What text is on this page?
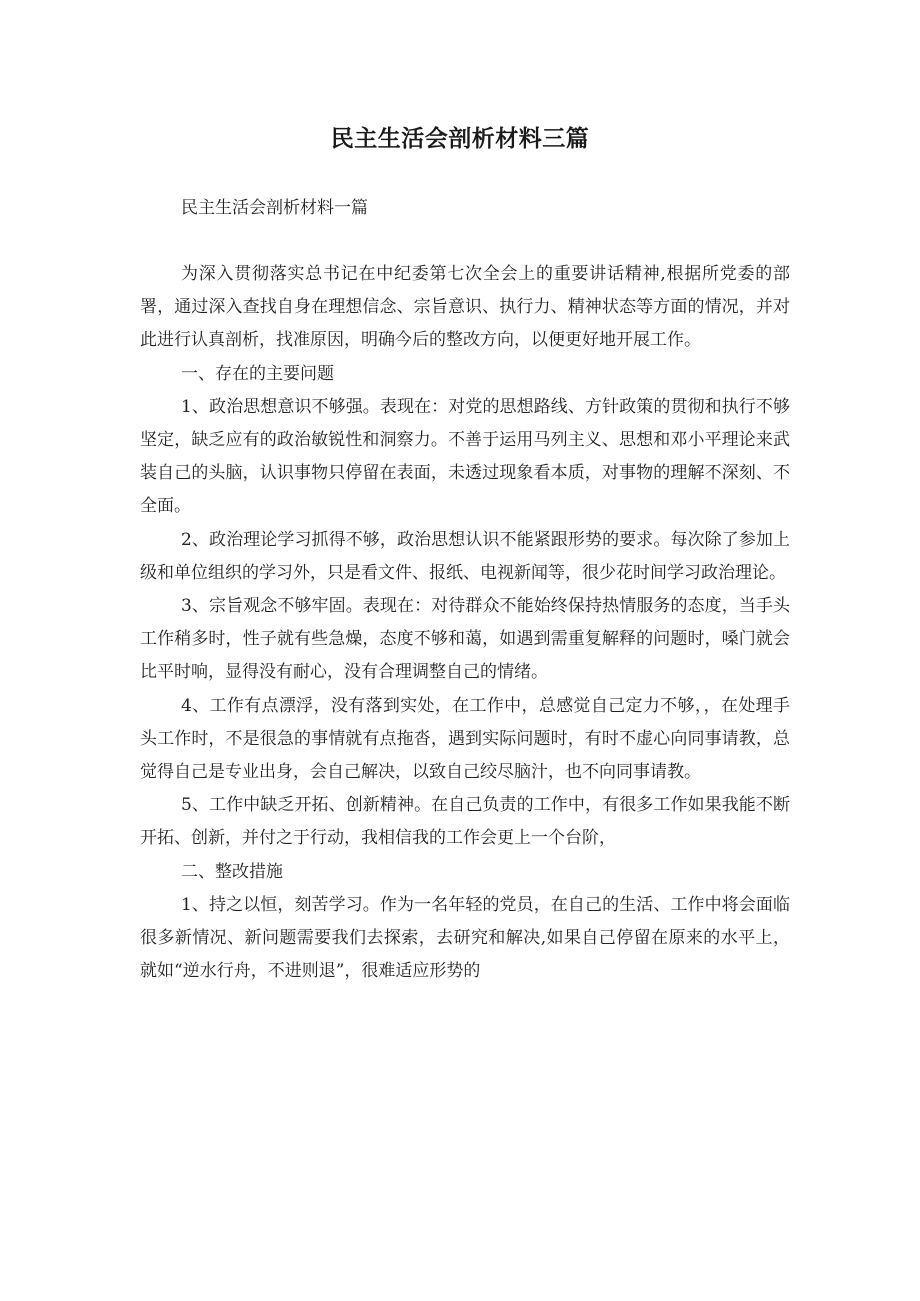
民主生活会剖析材料三篇
民主生活会剖析材料一篇

为深入贯彻落实总书记在中纪委第七次全会上的重要讲话精神,根据所党委的部署，通过深入查找自身在理想信念、宗旨意识、执行力、精神状态等方面的情况，并对此进行认真剖析，找准原因，明确今后的整改方向，以便更好地开展工作。

一、存在的主要问题

1、政治思想意识不够强。表现在：对党的思想路线、方针政策的贯彻和执行不够坚定，缺乏应有的政治敏锐性和洞察力。不善于运用马列主义、思想和邓小平理论来武装自己的头脑，认识事物只停留在表面，未透过现象看本质，对事物的理解不深刻、不全面。

2、政治理论学习抓得不够，政治思想认识不能紧跟形势的要求。每次除了参加上级和单位组织的学习外，只是看文件、报纸、电视新闻等，很少花时间学习政治理论。

3、宗旨观念不够牢固。表现在：对待群众不能始终保持热情服务的态度，当手头工作稍多时，性子就有些急燥，态度不够和蔼，如遇到需重复解释的问题时，嗓门就会比平时响，显得没有耐心，没有合理调整自己的情绪。

4、工作有点漂浮，没有落到实处，在工作中，总感觉自己定力不够，，在处理手头工作时，不是很急的事情就有点拖沓，遇到实际问题时，有时不虚心向同事请教，总觉得自己是专业出身，会自己解决，以致自己绞尽脑汁，也不向同事请教。

5、工作中缺乏开拓、创新精神。在自己负责的工作中，有很多工作如果我能不断开拓、创新，并付之于行动，我相信我的工作会更上一个台阶，

二、整改措施

1、持之以恒，刻苦学习。作为一名年轻的党员，在自己的生活、工作中将会面临很多新情况、新问题需要我们去探索，去研究和解决,如果自己停留在原来的水平上，就如“逆水行舟，不进则退”，很难适应形势的
